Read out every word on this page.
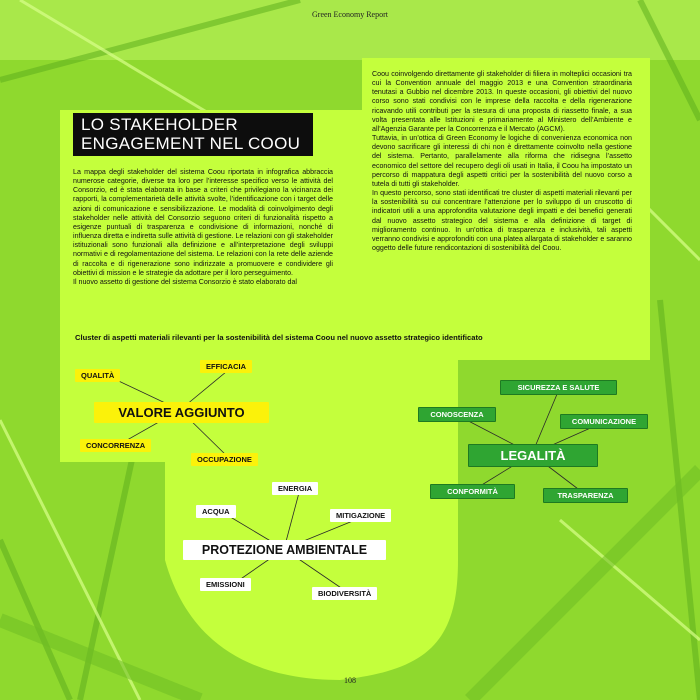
Green Economy Report
LO STAKEHOLDER
ENGAGEMENT NEL COOU

La mappa degli stakeholder del sistema Coou riportata in infografica abbraccia numerose categorie, diverse tra loro per l’interesse specifico verso le attività del Consorzio, ed è stata elaborata in base a criteri che privilegiano la vicinanza dei rapporti, la complementarietà delle attività svolte, l’identificazione con i target delle azioni di comunicazione e sensibilizzazione. Le modalità di coinvolgimento degli stakeholder nelle attività del Consorzio seguono criteri di funzionalità rispetto a esigenze puntuali di trasparenza e condivisione di informazioni, nonché di influenza diretta e indiretta sulle attività di gestione. Le relazioni con gli stakeholder istituzionali sono funzionali alla definizione e all’interpretazione degli sviluppi normativi e di regolamentazione del sistema. Le relazioni con la rete delle aziende di raccolta e di rigenerazione sono indirizzate a promuovere e condividere gli obiettivi di mission e le strategie da adottare per il loro perseguimento.

Il nuovo assetto di gestione del sistema Consorzio è stato elaborato dal

Coou coinvolgendo direttamente gli stakeholder di filiera in molteplici occasioni tra cui la Convention annuale del maggio 2013 e una Convention straordinaria tenutasi a Gubbio nel dicembre 2013. In queste occasioni, gli obiettivi del nuovo corso sono stati condivisi con le imprese della raccolta e della rigenerazione ricavando utili contributi per la stesura di una proposta di riassetto finale, a sua volta presentata alle Istituzioni e primariamente al Ministero dell’Ambiente e all’Agenzia Garante per la Concorrenza e il Mercato (AGCM).

Tuttavia, in un’ottica di Green Economy le logiche di convenienza economica non devono sacrificare gli interessi di chi non è direttamente coinvolto nella gestione del sistema. Pertanto, parallelamente alla riforma che ridisegna l’assetto economico del settore del recupero degli oli usati in Italia, il Coou ha impostato un percorso di mappatura degli aspetti critici per la sostenibilità del nuovo corso a tutela di tutti gli stakeholder.

In questo percorso, sono stati identificati tre cluster di aspetti materiali rilevanti per la sostenibilità su cui concentrare l’attenzione per lo sviluppo di un cruscotto di indicatori utili a una approfondita valutazione degli impatti e dei benefici generati dal nuovo assetto strategico del sistema e alla definizione di target di miglioramento continuo. In un’ottica di trasparenza e inclusività, tali aspetti verranno condivisi e approfonditi con una platea allargata di stakeholder e saranno oggetto delle future rendicontazioni di sostenibilità del Coou.

Cluster di aspetti materiali rilevanti per la sostenibilità del sistema Coou nel nuovo assetto strategico identificato
QUALITÀ
EFFICACIA
VALORE AGGIUNTO
CONCORRENZA
OCCUPAZIONE
SICUREZZA E SALUTE
CONOSCENZA
COMUNICAZIONE
LEGALITÀ
CONFORMITÀ	TRASPARENZA
ENERGIA
ACQUA	MITIGAZIONE
PROTEZIONE AMBIENTALE
EMISSIONI
BIODIVERSITÀ
108
